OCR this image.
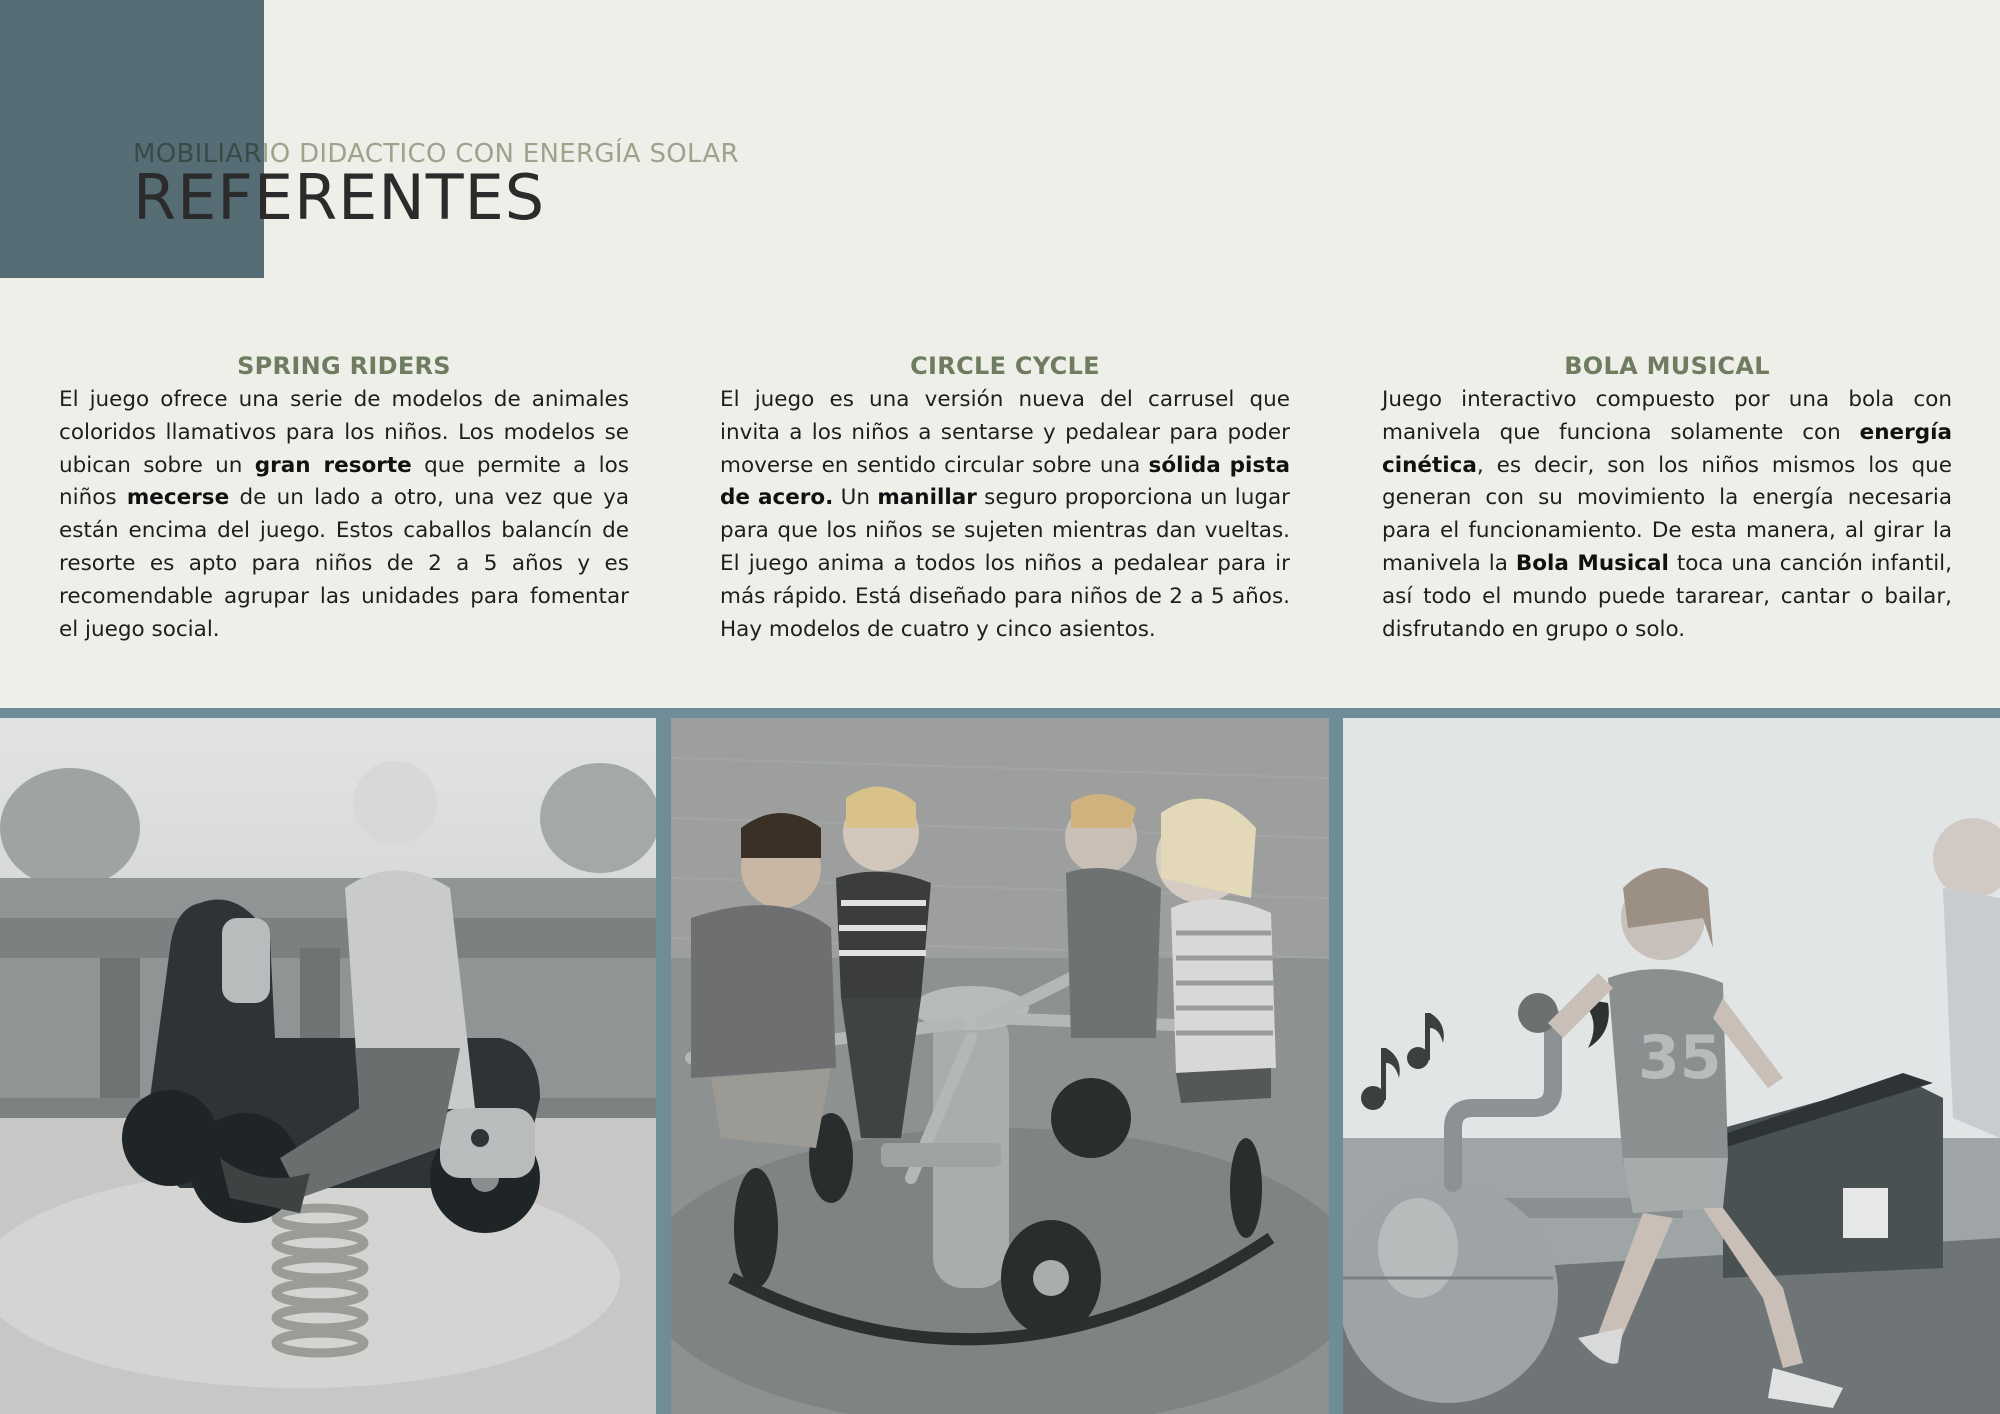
MOBILIARIO DIDACTICO CON ENERGÍA SOLAR
REFERENTES
SPRING RIDERS
El juego ofrece una serie de modelos de animales coloridos llamativos para los niños. Los modelos se ubican sobre un gran resorte que permite a los niños mecerse de un lado a otro, una vez que ya están encima del juego. Estos caballos balancín de resorte es apto para niños de 2 a 5 años y es recomendable agrupar las unidades para fomentar el juego social.
CIRCLE CYCLE
El juego es una versión nueva del carrusel que invita a los niños a sentarse y pedalear para poder moverse en sentido circular sobre una sólida pista de acero. Un manillar seguro proporciona un lugar para que los niños se sujeten mientras dan vueltas. El juego anima a todos los niños a pedalear para ir más rápido. Está diseñado para niños de 2 a 5 años. Hay modelos de cuatro y cinco asientos.
BOLA MUSICAL
Juego interactivo compuesto por una bola con manivela que funciona solamente con energía cinética, es decir, son los niños mismos los que generan con su movimiento la energía necesaria para el funcionamiento. De esta manera, al girar la manivela la Bola Musical toca una canción infantil, así todo el mundo puede tararear, cantar o bailar, disfrutando en grupo o solo.
35
